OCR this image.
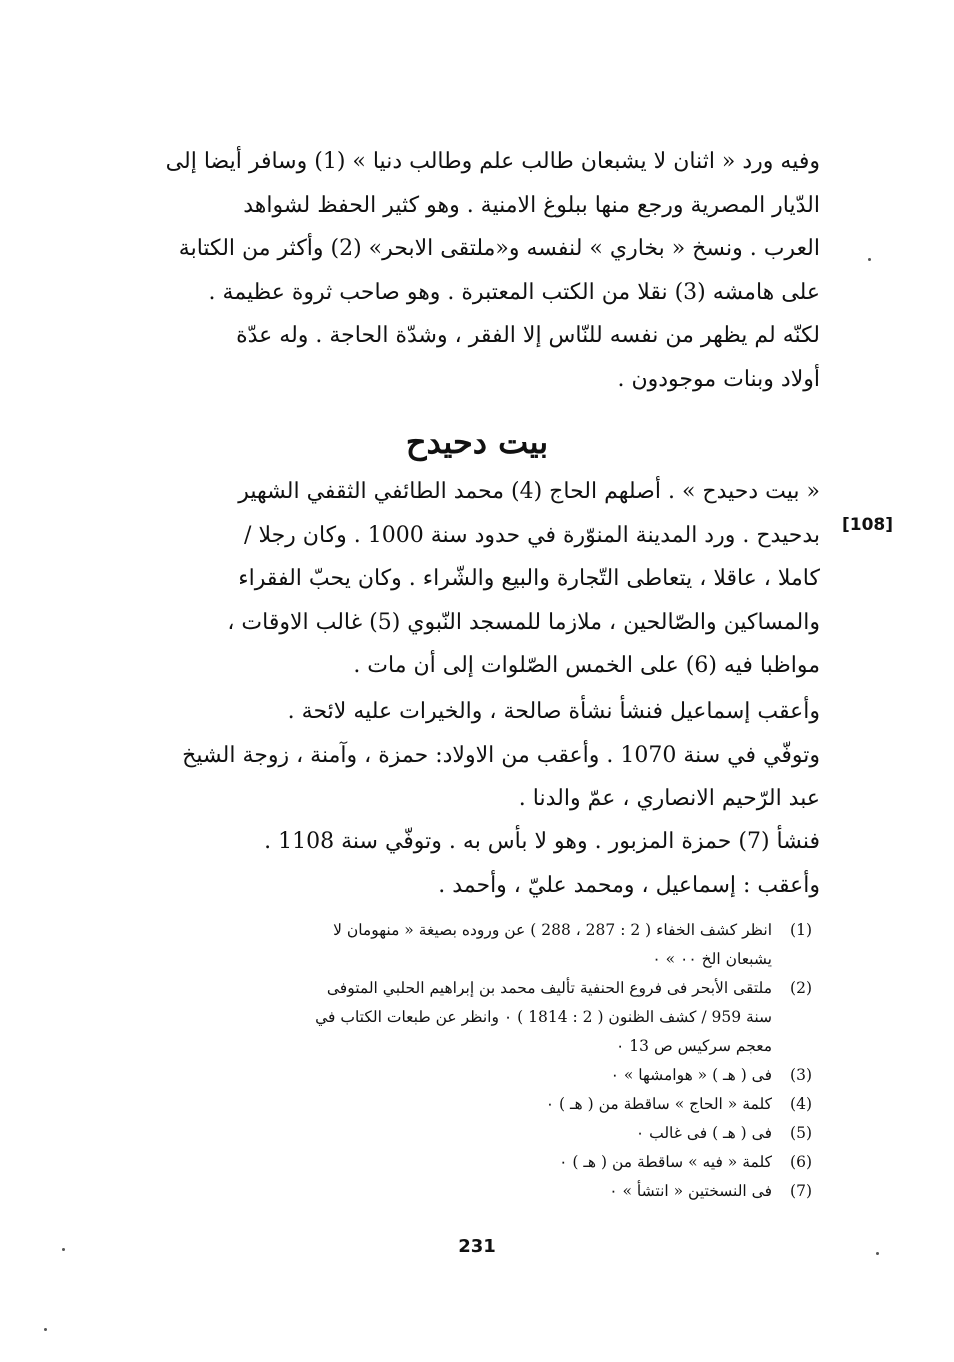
وفيه ورد « اثنان لا يشبعان طالب علم وطالب دنيا » (1) وسافر أيضا إلى
الدّيار المصرية ورجع منها ببلوغ الامنية . وهو كثير الحفظ لشواهد
العرب . ونسخ « بخاري » لنفسه و«ملتقى الابحر» (2) وأكثر من الكتابة
على هامشه (3) نقلا من الكتب المعتبرة . وهو صاحب ثروة عظيمة .
لكنّه لم يظهر من نفسه للنّاس إلا الفقر ، وشدّة الحاجة . وله عدّة
أولاد وبنات موجودون .
بيت دحيدح
[108]
« بيت دحيدح » . أصلهم الحاج (4) محمد الطائفي الثقفي الشهير
بدحيدح . ورد المدينة المنوّرة في حدود سنة 1000 . وكان رجلا /
كاملا ، عاقلا ، يتعاطى التّجارة والبيع والشّراء . وكان يحبّ الفقراء
والمساكين والصّالحين ، ملازما للمسجد النّبوي (5) غالب الاوقات ،
مواظبا فيه (6) على الخمس الصّلوات إلى أن مات .
وأعقب إسماعيل فنشأ نشأة صالحة ، والخيرات عليه لائحة .
وتوفّي في سنة 1070 . وأعقب من الاولاد: حمزة ، وآمنة ، زوجة الشيخ
عبد الرّحيم الانصاري ، عمّ والدنا .
فنشأ (7) حمزة المزبور . وهو لا بأس به . وتوفّي سنة 1108 .
وأعقب : إسماعيل ، ومحمد عليّ ، وأحمد .
(1)
انظر كشف الخفاء ( 2 : 287 ، 288 ) عن وروده بصيغة « منهومان لا
يشبعان الخ ٠٠ » ٠
(2)
ملتقى الأبحر فى فروع الحنفية تأليف محمد بن إبراهيم الحلبي المتوفى
سنة 959 / كشف الظنون ( 2 : 1814 ) ٠ وانظر عن طبعات الكتاب في
معجم سركيس ص 13 ٠
(3)
فى ( هـ ) « هوامشها » ٠
(4)
كلمة « الحاج » ساقطة من ( هـ ) ٠
(5)
فى ( هـ ) فى غالب ٠
(6)
كلمة « فيه » ساقطة من ( هـ ) ٠
(7)
فى النسختين « انتشأ » ٠
231
